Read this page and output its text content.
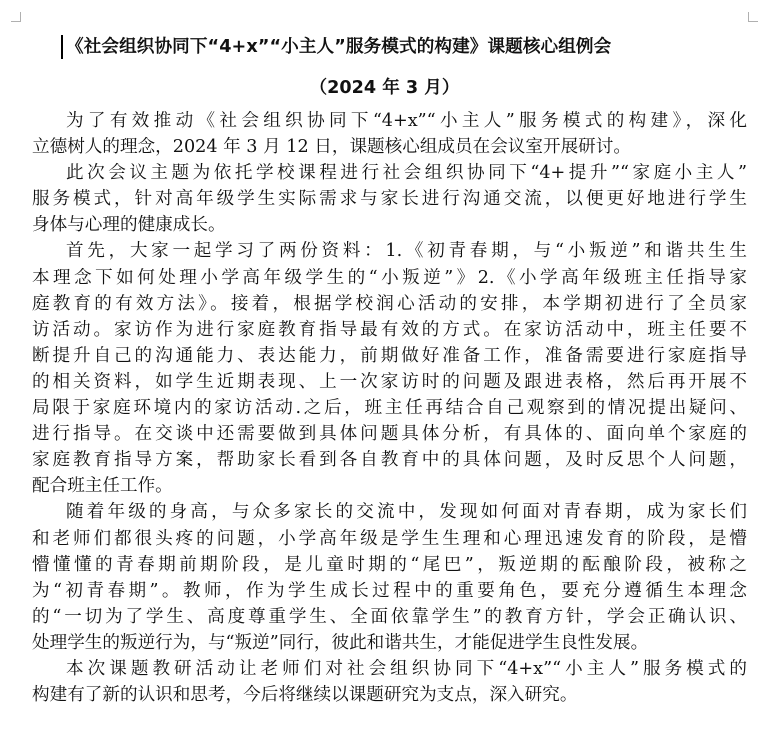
《社会组织协同下“4+x”“小主人”服务模式的构建》课题核心组例会
（2024 年 3 月）
为了有效推动《社会组织协同下“4+x”“小主人”服务模式的构建》，深化
立德树人的理念，2024 年 3 月 12 日，课题核心组成员在会议室开展研讨。
此次会议主题为依托学校课程进行社会组织协同下“4+提升”“家庭小主人”
服务模式，针对高年级学生实际需求与家长进行沟通交流，以便更好地进行学生
身体与心理的健康成长。
首先，大家一起学习了两份资料：1.《初青春期，与“小叛逆”和谐共生生
本理念下如何处理小学高年级学生的“小叛逆”》2.《小学高年级班主任指导家
庭教育的有效方法》。接着，根据学校润心活动的安排，本学期初进行了全员家
访活动。家访作为进行家庭教育指导最有效的方式。在家访活动中，班主任要不
断提升自己的沟通能力、表达能力，前期做好准备工作，准备需要进行家庭指导
的相关资料，如学生近期表现、上一次家访时的问题及跟进表格，然后再开展不
局限于家庭环境内的家访活动.之后，班主任再结合自己观察到的情况提出疑问、
进行指导。在交谈中还需要做到具体问题具体分析，有具体的、面向单个家庭的
家庭教育指导方案，帮助家长看到各自教育中的具体问题，及时反思个人问题，
配合班主任工作。
随着年级的身高，与众多家长的交流中，发现如何面对青春期，成为家长们
和老师们都很头疼的问题，小学高年级是学生生理和心理迅速发育的阶段，是懵
懵懂懂的青春期前期阶段，是儿童时期的“尾巴”，叛逆期的酝酿阶段，被称之
为“初青春期”。教师，作为学生成长过程中的重要角色，要充分遵循生本理念
的“一切为了学生、高度尊重学生、全面依靠学生”的教育方针，学会正确认识、
处理学生的叛逆行为，与“叛逆”同行，彼此和谐共生，才能促进学生良性发展。
本次课题教研活动让老师们对社会组织协同下“4+x”“小主人”服务模式的
构建有了新的认识和思考，今后将继续以课题研究为支点，深入研究。
